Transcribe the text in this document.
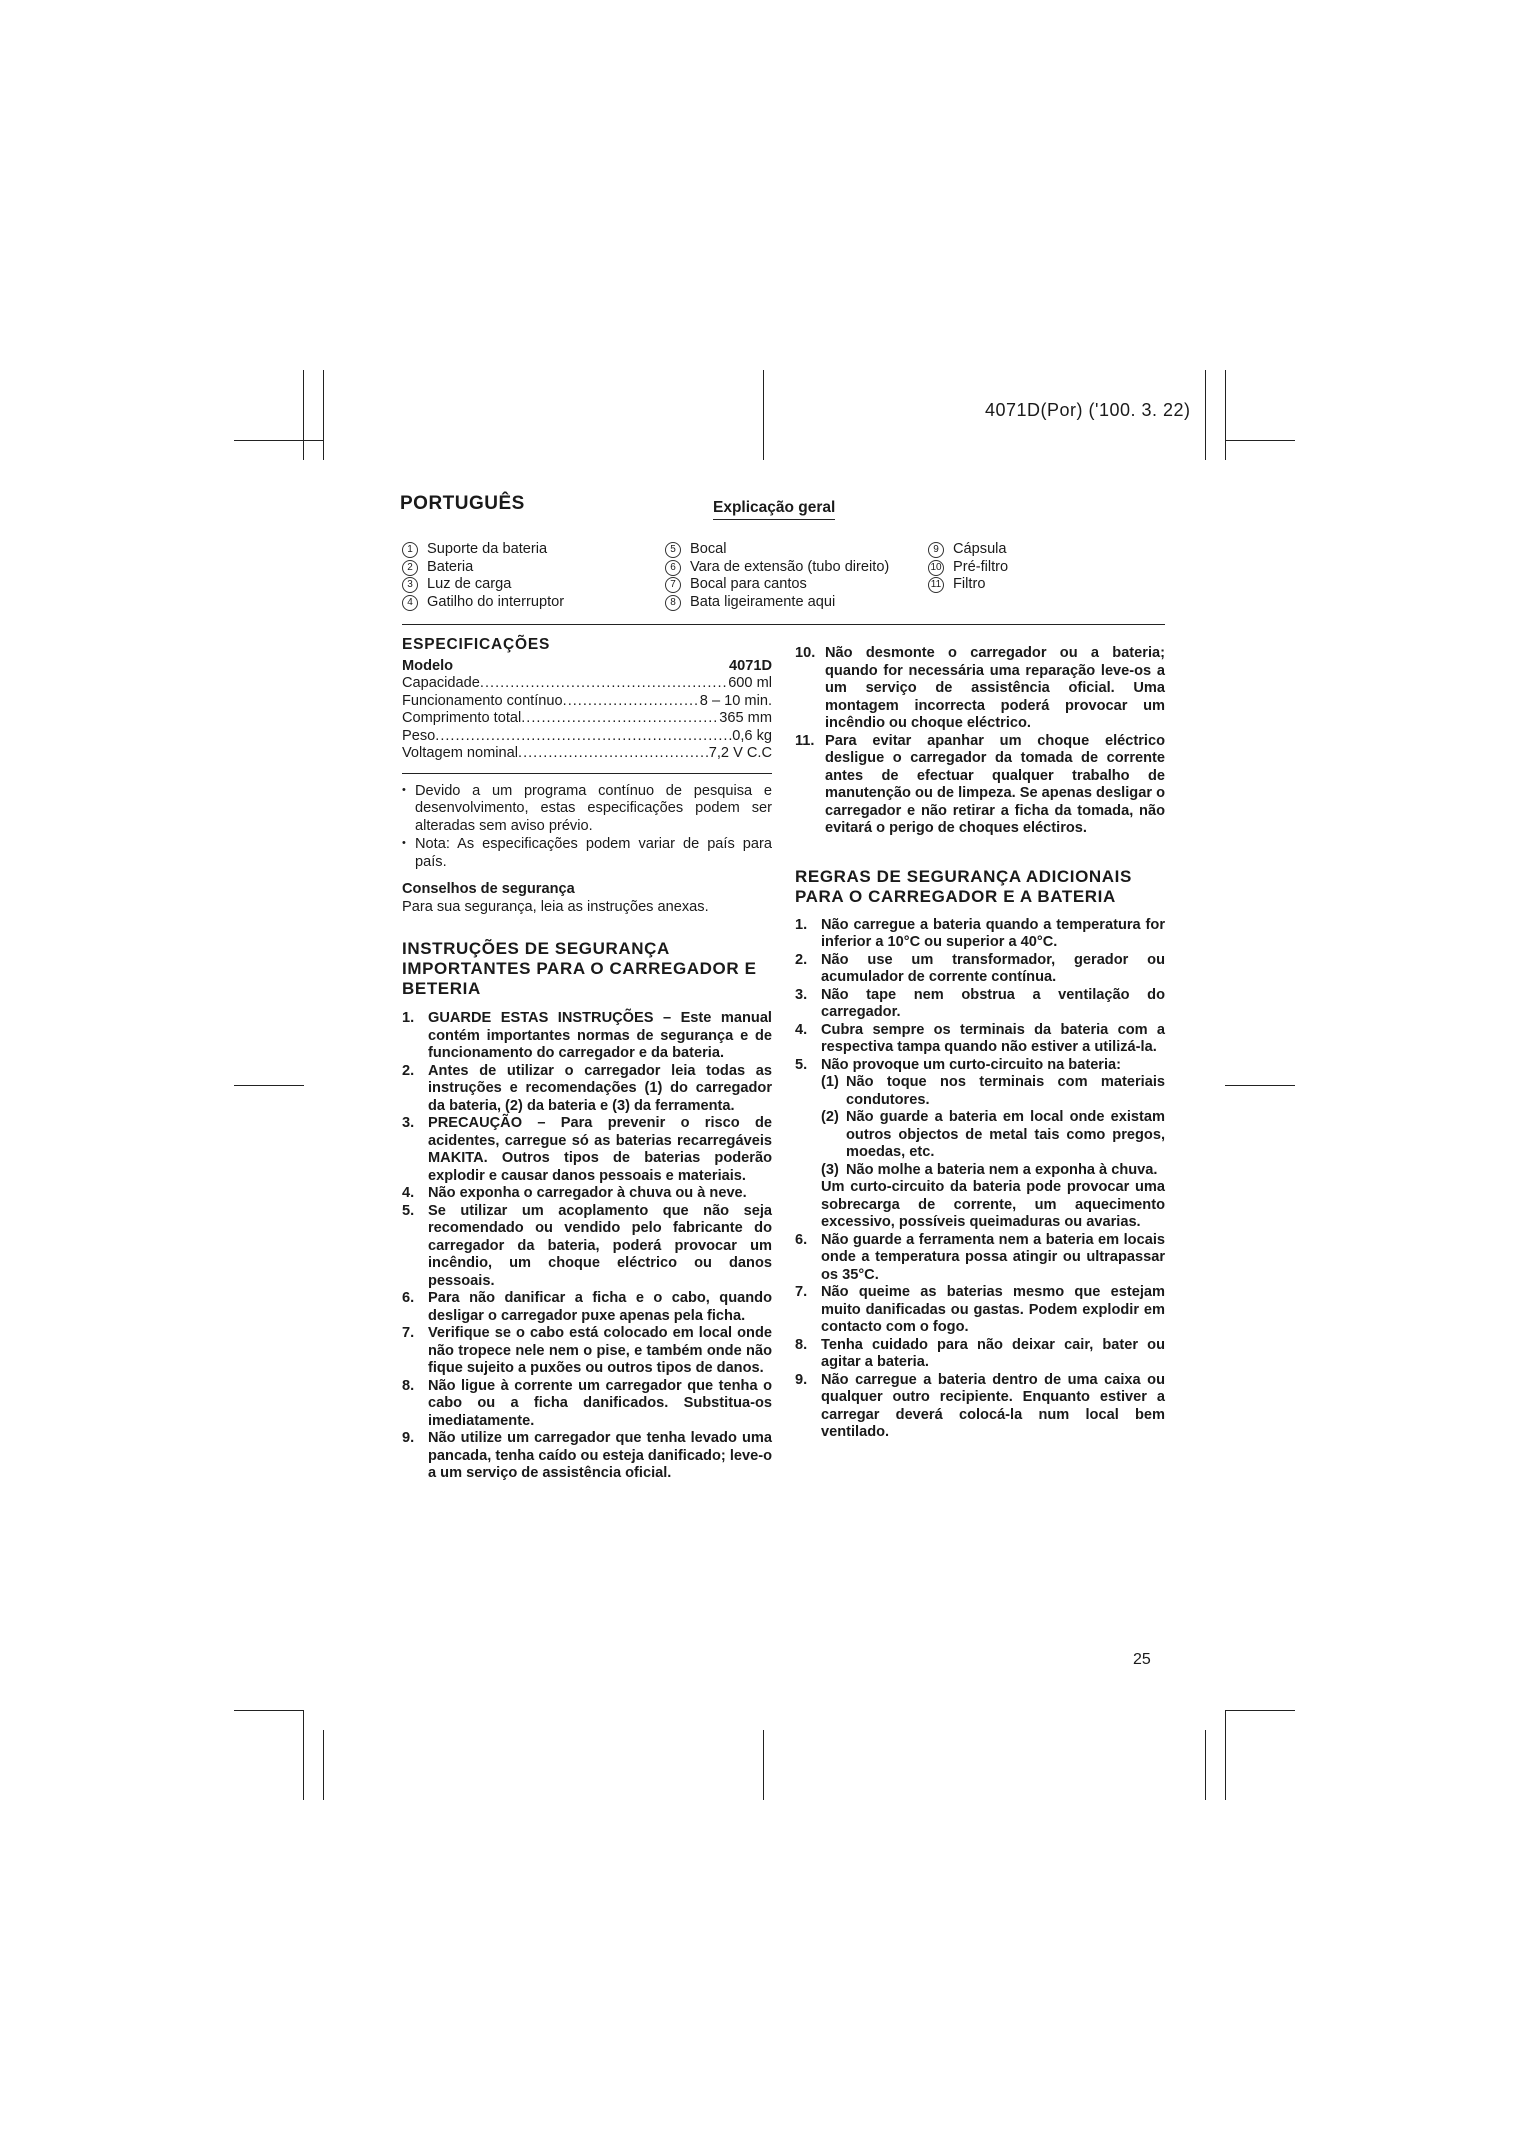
4071D(Por) ('100. 3. 22)
PORTUGUÊS	Explicação geral
1 Suporte da bateria
2 Bateria
3 Luz de carga
4 Gatilho do interruptor
5 Bocal
6 Vara de extensão (tubo direito)
7 Bocal para cantos
8 Bata ligeiramente aqui
9 Cápsula
10 Pré-filtro
11 Filtro
ESPECIFICAÇÕES
Modelo	4071D
Capacidade .....	600 ml
Funcionamento contínuo .....	8 – 10 min.
Comprimento total .....	365 mm
Peso .....	0,6 kg
Voltagem nominal .....	7,2 V C.C
• Devido a um programa contínuo de pesquisa e desenvolvimento, estas especificações podem ser alteradas sem aviso prévio.
• Nota: As especificações podem variar de país para país.
Conselhos de segurança
Para sua segurança, leia as instruções anexas.
INSTRUÇÕES DE SEGURANÇA IMPORTANTES PARA O CARREGADOR E BETERIA
1. GUARDE ESTAS INSTRUÇÕES – Este manual contém importantes normas de segurança e de funcionamento do carregador e da bateria.
2. Antes de utilizar o carregador leia todas as instruções e recomendações (1) do carregador da bateria, (2) da bateria e (3) da ferramenta.
3. PRECAUÇÃO – Para prevenir o risco de acidentes, carregue só as baterias recarregáveis MAKITA. Outros tipos de baterias poderão explodir e causar danos pessoais e materiais.
4. Não exponha o carregador à chuva ou à neve.
5. Se utilizar um acoplamento que não seja recomendado ou vendido pelo fabricante do carregador da bateria, poderá provocar um incêndio, um choque eléctrico ou danos pessoais.
6. Para não danificar a ficha e o cabo, quando desligar o carregador puxe apenas pela ficha.
7. Verifique se o cabo está colocado em local onde não tropece nele nem o pise, e também onde não fique sujeito a puxões ou outros tipos de danos.
8. Não ligue à corrente um carregador que tenha o cabo ou a ficha danificados. Substitua-os imediatamente.
9. Não utilize um carregador que tenha levado uma pancada, tenha caído ou esteja danificado; leve-o a um serviço de assistência oficial.
10. Não desmonte o carregador ou a bateria; quando for necessária uma reparação leve-os a um serviço de assistência oficial. Uma montagem incorrecta poderá provocar um incêndio ou choque eléctrico.
11. Para evitar apanhar um choque eléctrico desligue o carregador da tomada de corrente antes de efectuar qualquer trabalho de manutenção ou de limpeza. Se apenas desligar o carregador e não retirar a ficha da tomada, não evitará o perigo de choques eléctiros.
REGRAS DE SEGURANÇA ADICIONAIS PARA O CARREGADOR E A BATERIA
1. Não carregue a bateria quando a temperatura for inferior a 10°C ou superior a 40°C.
2. Não use um transformador, gerador ou acumulador de corrente contínua.
3. Não tape nem obstrua a ventilação do carregador.
4. Cubra sempre os terminais da bateria com a respectiva tampa quando não estiver a utilizá-la.
5. Não provoque um curto-circuito na bateria:
(1) Não toque nos terminais com materiais condutores.
(2) Não guarde a bateria em local onde existam outros objectos de metal tais como pregos, moedas, etc.
(3) Não molhe a bateria nem a exponha à chuva.
Um curto-circuito da bateria pode provocar uma sobrecarga de corrente, um aquecimento excessivo, possíveis queimaduras ou avarias.
6. Não guarde a ferramenta nem a bateria em locais onde a temperatura possa atingir ou ultrapassar os 35°C.
7. Não queime as baterias mesmo que estejam muito danificadas ou gastas. Podem explodir em contacto com o fogo.
8. Tenha cuidado para não deixar cair, bater ou agitar a bateria.
9. Não carregue a bateria dentro de uma caixa ou qualquer outro recipiente. Enquanto estiver a carregar deverá colocá-la num local bem ventilado.
25
